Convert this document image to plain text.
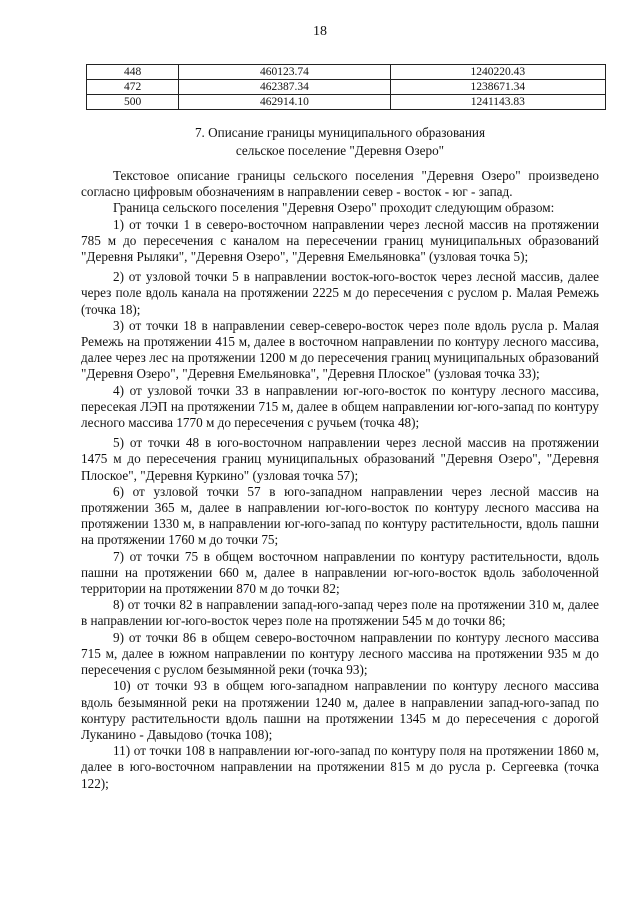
18
448	460123.74	1240220.43
472	462387.34	1238671.34
500	462914.10	1241143.83
7. Описание границы муниципального образования
сельское поселение "Деревня Озеро"

Текстовое описание границы сельского поселения "Деревня Озеро" произведено согласно цифровым обозначениям в направлении север - восток - юг - запад.

Граница сельского поселения "Деревня Озеро" проходит следующим образом:

1) от точки 1 в северо-восточном направлении через лесной массив на протяжении 785 м до пересечения с каналом на пересечении границ муниципальных образований "Деревня Рыляки", "Деревня Озеро", "Деревня Емельяновка" (узловая точка 5);

2) от узловой точки 5 в направлении восток-юго-восток через лесной массив, далее через поле вдоль канала на протяжении 2225 м до пересечения с руслом р. Малая Ремежь (точка 18);

3) от точки 18 в направлении север-северо-восток через поле вдоль русла р. Малая Ремежь на протяжении 415 м, далее в восточном направлении по контуру лесного массива, далее через лес на протяжении 1200 м до пересечения границ муниципальных образований "Деревня Озеро", "Деревня Емельяновка", "Деревня Плоское" (узловая точка 33);

4) от узловой точки 33 в направлении юг-юго-восток по контуру лесного массива, пересекая ЛЭП на протяжении 715 м, далее в общем направлении юг-юго-запад по контуру лесного массива 1770 м до пересечения с ручьем (точка 48);

5) от точки 48 в юго-восточном направлении через лесной массив на протяжении 1475 м до пересечения границ муниципальных образований "Деревня Озеро", "Деревня Плоское", "Деревня Куркино" (узловая точка 57);

6) от узловой точки 57 в юго-западном направлении через лесной массив на протяжении 365 м, далее в направлении юг-юго-восток по контуру лесного массива на протяжении 1330 м, в направлении юг-юго-запад по контуру растительности, вдоль пашни на протяжении 1760 м до точки 75;

7) от точки 75 в общем восточном направлении по контуру растительности, вдоль пашни на протяжении 660 м, далее в направлении юг-юго-восток вдоль заболоченной территории на протяжении 870 м до точки 82;

8) от точки 82 в направлении запад-юго-запад через поле на протяжении 310 м, далее в направлении юг-юго-восток через поле на протяжении 545 м до точки 86;

9) от точки 86 в общем северо-восточном направлении по контуру лесного массива 715 м, далее в южном направлении по контуру лесного массива на протяжении 935 м до пересечения с руслом безымянной реки (точка 93);

10) от точки 93 в общем юго-западном направлении по контуру лесного массива вдоль безымянной реки на протяжении 1240 м, далее в направлении запад-юго-запад по контуру растительности вдоль пашни на протяжении 1345 м до пересечения с дорогой Луканино - Давыдово (точка 108);

11) от точки 108 в направлении юг-юго-запад по контуру поля на протяжении 1860 м, далее в юго-восточном направлении на протяжении 815 м до русла р. Сергеевка (точка 122);
